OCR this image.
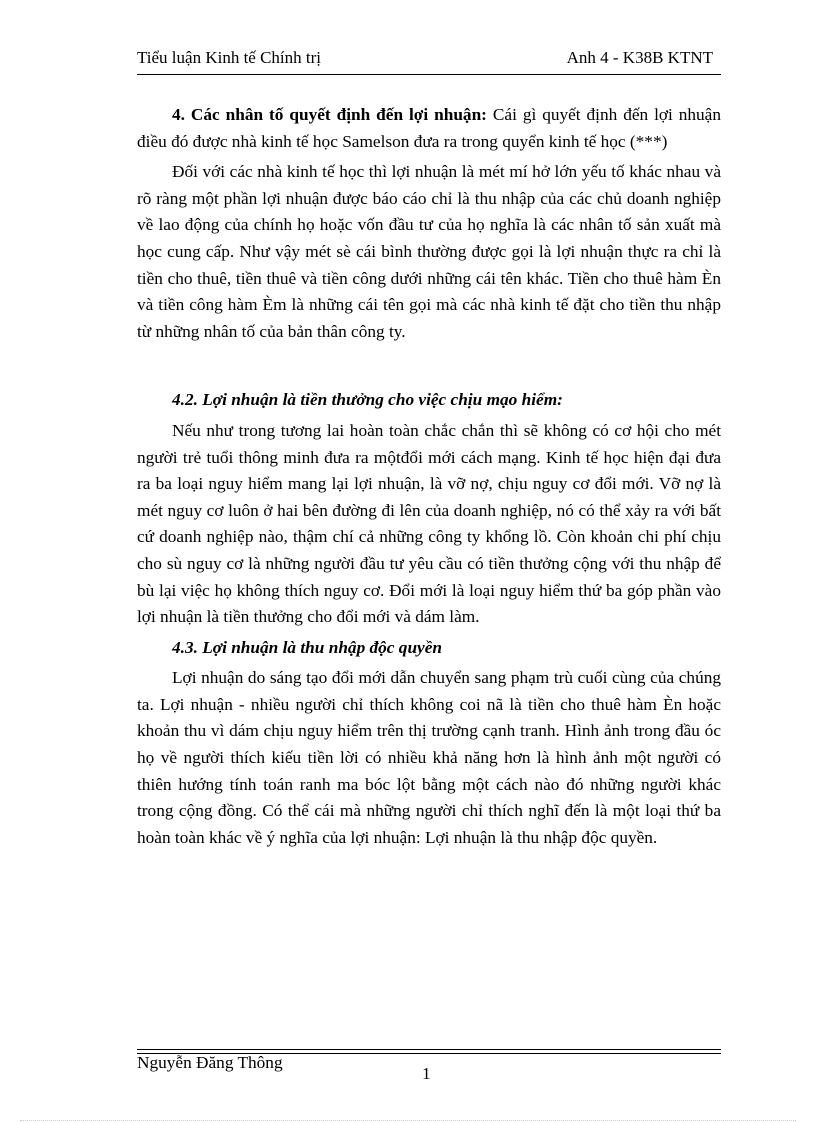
Tiểu luận Kinh tế Chính trị	Anh 4 - K38B KTNT

4. Các nhân tố quyết định đến lợi nhuận: Cái gì quyết định đến lợi nhuận điều đó được nhà kinh tế học Samelson đưa ra trong quyển kinh tế học (***)

Đối với các nhà kinh tế học thì lợi nhuận là mét mí hở lớn yếu tố khác nhau và rõ ràng một phần lợi nhuận được báo cáo chỉ là thu nhập của các chủ doanh nghiệp về lao động của chính họ hoặc vốn đầu tư của họ nghĩa là các nhân tố sản xuất mà học cung cấp. Như vậy mét sè cái bình thường được gọi là lợi nhuận thực ra chỉ là tiền cho thuê, tiền thuê và tiền công dưới những cái tên khác. Tiền cho thuê hàm Èn và tiền công hàm Èm là những cái tên gọi mà các nhà kinh tế đặt cho tiền thu nhập từ những nhân tố của bản thân công ty.

4.2. Lợi nhuận là tiền thưởng cho việc chịu mạo hiểm:

Nếu như trong tương lai hoàn toàn chắc chắn thì sẽ không có cơ hội cho mét người trẻ tuổi thông minh đưa ra mộtđổi mới cách mạng. Kinh tế học hiện đại đưa ra ba loại nguy hiểm mang lại lợi nhuận, là vỡ nợ, chịu nguy cơ đổi mới. Vỡ nợ là mét nguy cơ luôn ở hai bên đường đi lên của doanh nghiệp, nó có thể xảy ra với bất cứ doanh nghiệp nào, thậm chí cả những công ty khổng lồ. Còn khoản chi phí chịu cho sù nguy cơ là những người đầu tư yêu cầu có tiền thưởng cộng với thu nhập để bù lại việc họ không thích nguy cơ. Đổi mới là loại nguy hiểm thứ ba góp phần vào lợi nhuận là tiền thưởng cho đổi mới và dám làm.

4.3. Lợi nhuận là thu nhập độc quyền

Lợi nhuận do sáng tạo đổi mới dẫn chuyển sang phạm trù cuối cùng của chúng ta. Lợi nhuận - nhiều người chỉ thích không coi nã là tiền cho thuê hàm Èn hoặc khoản thu vì dám chịu nguy hiểm trên thị trường cạnh tranh. Hình ảnh trong đầu óc họ về người thích kiếu tiền lời có nhiều khả năng hơn là hình ảnh một người có thiên hướng tính toán ranh ma bóc lột bằng một cách nào đó những người khác trong cộng đồng. Có thể cái mà những người chỉ thích nghĩ đến là một loại thứ ba hoàn toàn khác về ý nghĩa của lợi nhuận: Lợi nhuận là thu nhập độc quyền.

Nguyễn Đăng Thông
1
